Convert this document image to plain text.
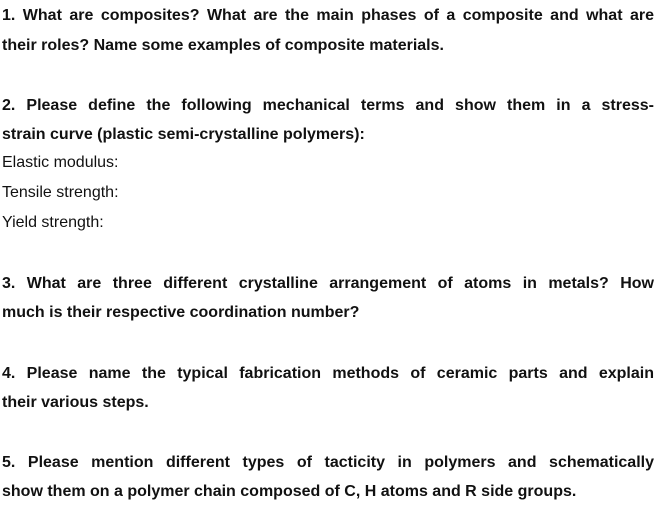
1. What are composites? What are the main phases of a composite and what are
their roles? Name some examples of composite materials.
2. Please define the following mechanical terms and show them in a stress-
strain curve (plastic semi-crystalline polymers):
Elastic modulus:
Tensile strength:
Yield strength:
3. What are three different crystalline arrangement of atoms in metals? How
much is their respective coordination number?
4. Please name the typical fabrication methods of ceramic parts and explain
their various steps.
5. Please mention different types of tacticity in polymers and schematically
show them on a polymer chain composed of C, H atoms and R side groups.
